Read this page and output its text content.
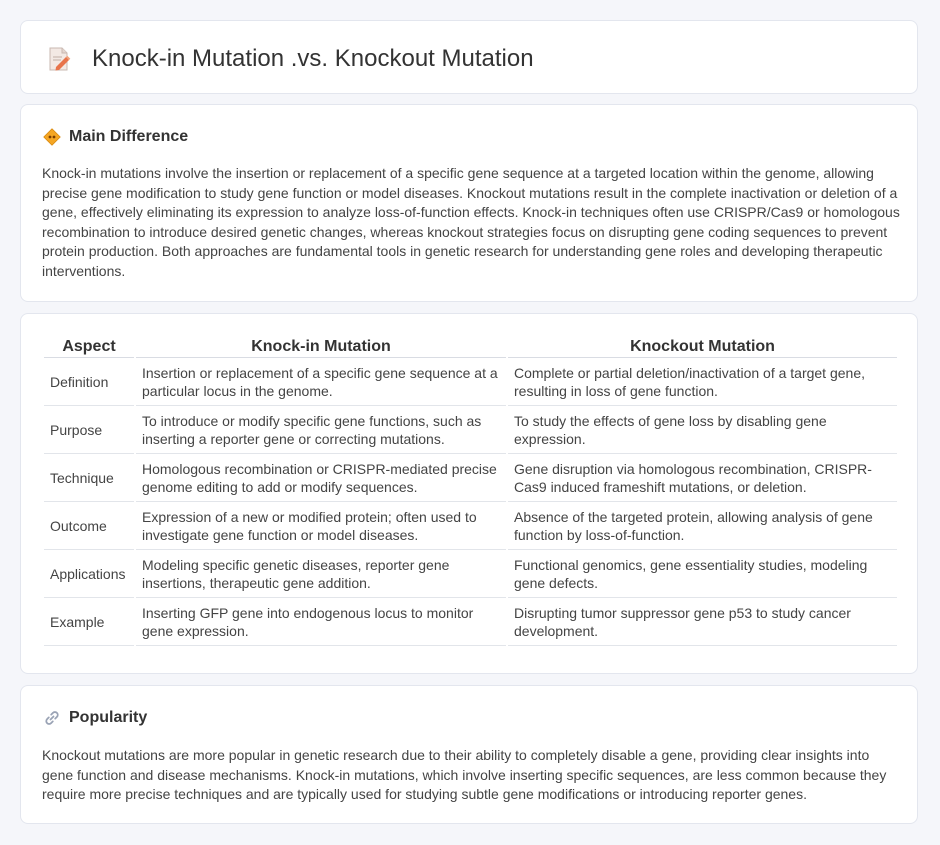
Knock-in Mutation .vs. Knockout Mutation
Main Difference

Knock-in mutations involve the insertion or replacement of a specific gene sequence at a targeted location within the genome, allowing precise gene modification to study gene function or model diseases. Knockout mutations result in the complete inactivation or deletion of a gene, effectively eliminating its expression to analyze loss-of-function effects. Knock-in techniques often use CRISPR/Cas9 or homologous recombination to introduce desired genetic changes, whereas knockout strategies focus on disrupting gene coding sequences to prevent protein production. Both approaches are fundamental tools in genetic research for understanding gene roles and developing therapeutic interventions.

Aspect	Knock-in Mutation	Knockout Mutation
Definition	Insertion or replacement of a specific gene sequence at a particular locus in the genome.	Complete or partial deletion/inactivation of a target gene, resulting in loss of gene function.
Purpose	To introduce or modify specific gene functions, such as inserting a reporter gene or correcting mutations.	To study the effects of gene loss by disabling gene expression.
Technique	Homologous recombination or CRISPR-mediated precise genome editing to add or modify sequences.	Gene disruption via homologous recombination, CRISPR-Cas9 induced frameshift mutations, or deletion.
Outcome	Expression of a new or modified protein; often used to investigate gene function or model diseases.	Absence of the targeted protein, allowing analysis of gene function by loss-of-function.
Applications	Modeling specific genetic diseases, reporter gene insertions, therapeutic gene addition.	Functional genomics, gene essentiality studies, modeling gene defects.
Example	Inserting GFP gene into endogenous locus to monitor gene expression.	Disrupting tumor suppressor gene p53 to study cancer development.
Popularity

Knockout mutations are more popular in genetic research due to their ability to completely disable a gene, providing clear insights into gene function and disease mechanisms. Knock-in mutations, which involve inserting specific sequences, are less common because they require more precise techniques and are typically used for studying subtle gene modifications or introducing reporter genes.
